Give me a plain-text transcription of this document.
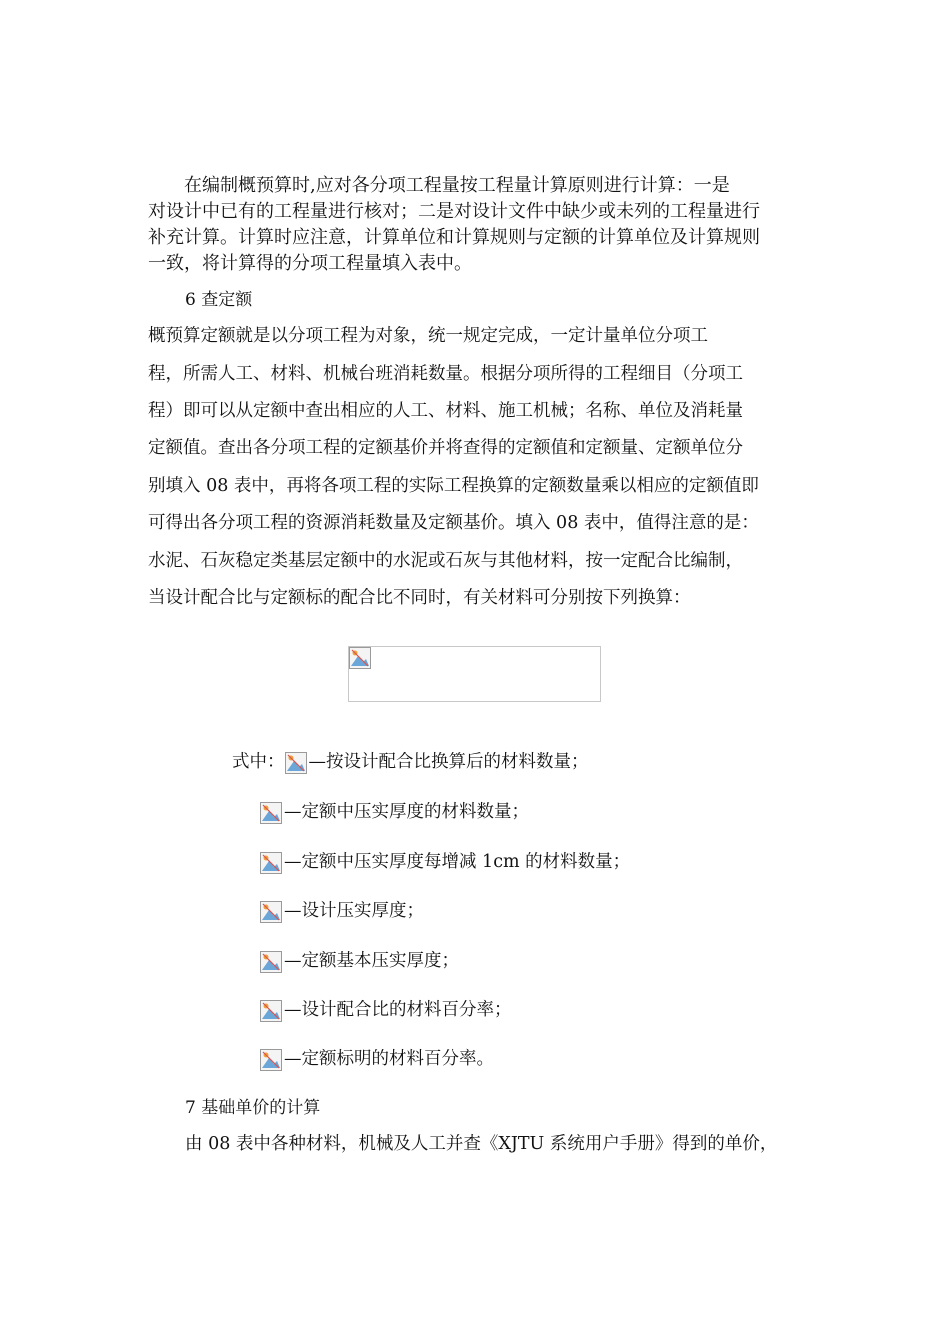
　　在编制概预算时,应对各分项工程量按工程量计算原则进行计算：一是
对设计中已有的工程量进行核对；二是对设计文件中缺少或未列的工程量进行
补充计算。计算时应注意，计算单位和计算规则与定额的计算单位及计算规则
一致，将计算得的分项工程量填入表中。
6 查定额
概预算定额就是以分项工程为对象，统一规定完成，一定计量单位分项工
程，所需人工、材料、机械台班消耗数量。根据分项所得的工程细目（分项工
程）即可以从定额中查出相应的人工、材料、施工机械；名称、单位及消耗量
定额值。查出各分项工程的定额基价并将查得的定额值和定额量、定额单位分
别填入 08 表中，再将各项工程的实际工程换算的定额数量乘以相应的定额值即
可得出各分项工程的资源消耗数量及定额基价。填入 08 表中，值得注意的是：
水泥、石灰稳定类基层定额中的水泥或石灰与其他材料，按一定配合比编制，
当设计配合比与定额标的配合比不同时，有关材料可分别按下列换算：
式中： —按设计配合比换算后的材料数量；
—定额中压实厚度的材料数量；
—定额中压实厚度每增减 1cm 的材料数量；
—设计压实厚度；
—定额基本压实厚度；
—设计配合比的材料百分率；
—定额标明的材料百分率。
7 基础单价的计算
由 08 表中各种材料，机械及人工并查《XJTU 系统用户手册》得到的单价，
